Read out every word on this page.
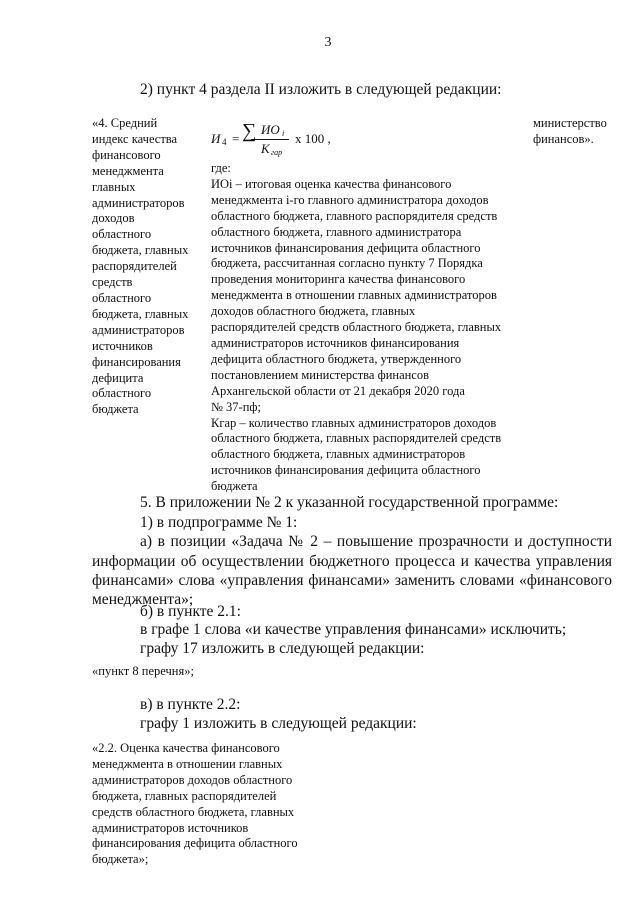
3
2) пункт 4 раздела II изложить в следующей редакции:
«4. Средний
индекс качества
финансового
менеджмента
главных
администраторов
доходов
областного
бюджета, главных
распорядителей
средств
областного
бюджета, главных
администраторов
источников
финансирования
дефицита
областного
бюджета
И 4 = ∑ ИО i
К гар
х 100 ,
где:
ИОi – итоговая оценка качества финансового
менеджмента i-го главного администратора доходов
областного бюджета, главного распорядителя средств
областного бюджета, главного администратора
источников финансирования дефицита областного
бюджета, рассчитанная согласно пункту 7 Порядка
проведения мониторинга качества финансового
менеджмента в отношении главных администраторов
доходов областного бюджета, главных
распорядителей средств областного бюджета, главных
администраторов источников финансирования
дефицита областного бюджета, утвержденного
постановлением министерства финансов
Архангельской области от 21 декабря 2020 года
№ 37-пф;
Кгар – количество главных администраторов доходов
областного бюджета, главных распорядителей средств
областного бюджета, главных администраторов
источников финансирования дефицита областного
бюджета
министерство
финансов».
5. В приложении № 2 к указанной государственной программе:
1) в подпрограмме № 1:
а) в позиции «Задача № 2 – повышение прозрачности и доступности
информации об осуществлении бюджетного процесса и качества управления
финансами» слова «управления финансами» заменить словами «финансового
менеджмента»;
б) в пункте 2.1:
в графе 1 слова «и качестве управления финансами» исключить;
графу 17 изложить в следующей редакции:
«пункт 8 перечня»;
в) в пункте 2.2:
графу 1 изложить в следующей редакции:
«2.2. Оценка качества финансового
менеджмента в отношении главных
администраторов доходов областного
бюджета, главных распорядителей
средств областного бюджета, главных
администраторов источников
финансирования дефицита областного
бюджета»;
